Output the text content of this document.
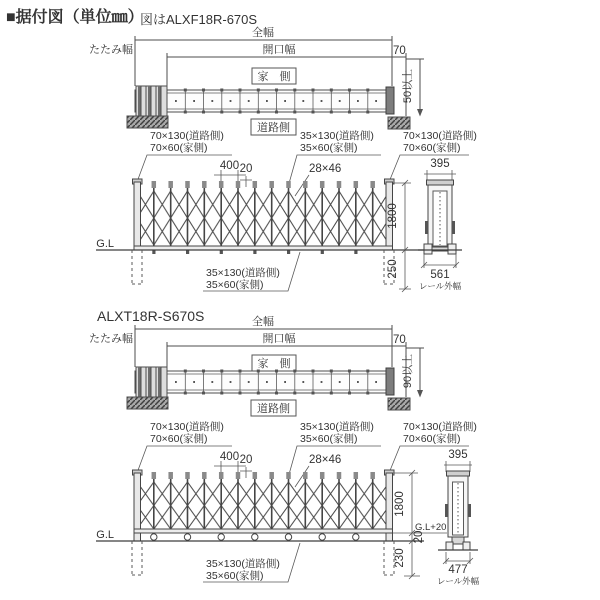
■据付図（単位㎜）
図はALXF18R-670S
全幅
たたみ幅	開口幅	70
50以上
家　側
道路側
70×130(道路側)
70×60(家側)
35×130(道路側)
35×60(家側)
70×130(道路側)
70×60(家側)
400 20	28×46	395
G.L
1800
250	561
レール外幅
35×130(道路側)
35×60(家側)
ALXT18R-S670S	全幅
たたみ幅	開口幅	70
90以上
家　側
道路側
70×130(道路側)
70×60(家側)
35×130(道路側)
35×60(家側)
70×130(道路側)
70×60(家側)
400 20	28×46	395
G.L
G.L+20
1800
20
230
477
レール外幅
35×130(道路側)
35×60(家側)
